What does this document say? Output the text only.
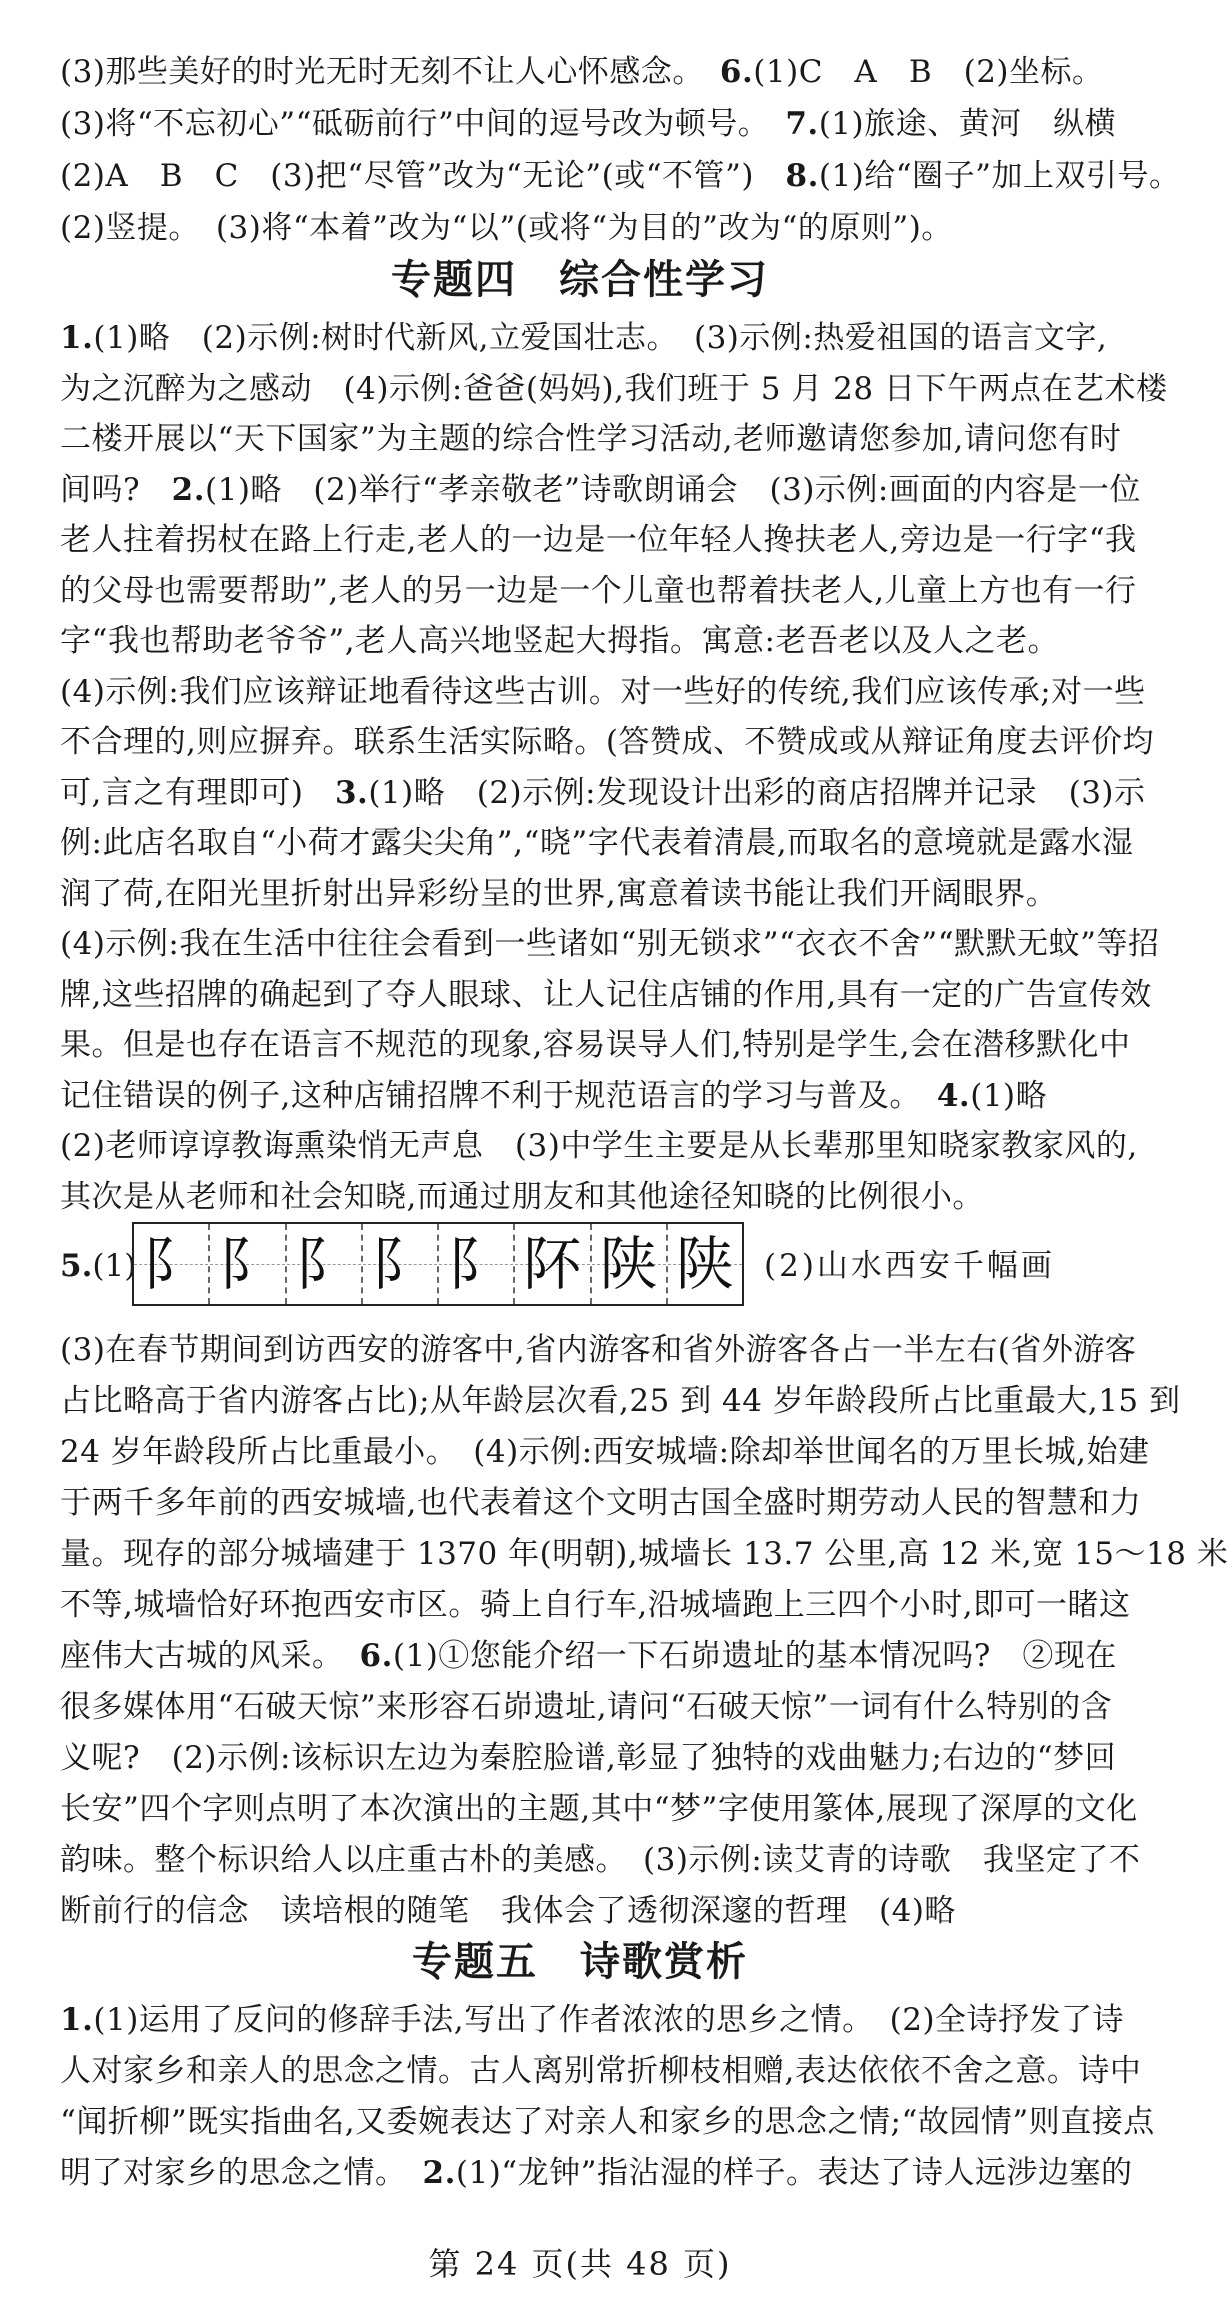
(3)那些美好的时光无时无刻不让人心怀感念。　6.(1)C　A　B　(2)坐标。
(3)将“不忘初心”“砥砺前行”中间的逗号改为顿号。　7.(1)旅途、黄河　纵横
(2)A　B　C　(3)把“尽管”改为“无论”(或“不管”)　8.(1)给“圈子”加上双引号。
(2)竖提。　(3)将“本着”改为“以”(或将“为目的”改为“的原则”)。
专题四　综合性学习
1.(1)略　(2)示例:树时代新风,立爱国壮志。　(3)示例:热爱祖国的语言文字,
为之沉醉为之感动　(4)示例:爸爸(妈妈),我们班于 5 月 28 日下午两点在艺术楼
二楼开展以“天下国家”为主题的综合性学习活动,老师邀请您参加,请问您有时
间吗?　2.(1)略　(2)举行“孝亲敬老”诗歌朗诵会　(3)示例:画面的内容是一位
老人拄着拐杖在路上行走,老人的一边是一位年轻人搀扶老人,旁边是一行字“我
的父母也需要帮助”,老人的另一边是一个儿童也帮着扶老人,儿童上方也有一行
字“我也帮助老爷爷”,老人高兴地竖起大拇指。寓意:老吾老以及人之老。
(4)示例:我们应该辩证地看待这些古训。对一些好的传统,我们应该传承;对一些
不合理的,则应摒弃。联系生活实际略。(答赞成、不赞成或从辩证角度去评价均
可,言之有理即可)　3.(1)略　(2)示例:发现设计出彩的商店招牌并记录　(3)示
例:此店名取自“小荷才露尖尖角”,“晓”字代表着清晨,而取名的意境就是露水湿
润了荷,在阳光里折射出异彩纷呈的世界,寓意着读书能让我们开阔眼界。
(4)示例:我在生活中往往会看到一些诸如“别无锁求”“衣衣不舍”“默默无蚊”等招
牌,这些招牌的确起到了夺人眼球、让人记住店铺的作用,具有一定的广告宣传效
果。但是也存在语言不规范的现象,容易误导人们,特别是学生,会在潜移默化中
记住错误的例子,这种店铺招牌不利于规范语言的学习与普及。　4.(1)略
(2)老师谆谆教诲熏染悄无声息　(3)中学生主要是从长辈那里知晓家教家风的,
其次是从老师和社会知晓,而通过朋友和其他途径知晓的比例很小。
5.(1) ⻖ 阝 阝 阝 阝 阫 陕 陕 (2)山水西安千幅画
(3)在春节期间到访西安的游客中,省内游客和省外游客各占一半左右(省外游客
占比略高于省内游客占比);从年龄层次看,25 到 44 岁年龄段所占比重最大,15 到
24 岁年龄段所占比重最小。　(4)示例:西安城墙:除却举世闻名的万里长城,始建
于两千多年前的西安城墙,也代表着这个文明古国全盛时期劳动人民的智慧和力
量。现存的部分城墙建于 1370 年(明朝),城墙长 13.7 公里,高 12 米,宽 15～18 米
不等,城墙恰好环抱西安市区。骑上自行车,沿城墙跑上三四个小时,即可一睹这
座伟大古城的风采。　6.(1)①您能介绍一下石峁遗址的基本情况吗?　②现在
很多媒体用“石破天惊”来形容石峁遗址,请问“石破天惊”一词有什么特别的含
义呢?　(2)示例:该标识左边为秦腔脸谱,彰显了独特的戏曲魅力;右边的“梦回
长安”四个字则点明了本次演出的主题,其中“梦”字使用篆体,展现了深厚的文化
韵味。整个标识给人以庄重古朴的美感。　(3)示例:读艾青的诗歌　我坚定了不
断前行的信念　读培根的随笔　我体会了透彻深邃的哲理　(4)略
专题五　诗歌赏析
1.(1)运用了反问的修辞手法,写出了作者浓浓的思乡之情。　(2)全诗抒发了诗
人对家乡和亲人的思念之情。古人离别常折柳枝相赠,表达依依不舍之意。诗中
“闻折柳”既实指曲名,又委婉表达了对亲人和家乡的思念之情;“故园情”则直接点
明了对家乡的思念之情。　2.(1)“龙钟”指沾湿的样子。表达了诗人远涉边塞的
第 24 页(共 48 页)
